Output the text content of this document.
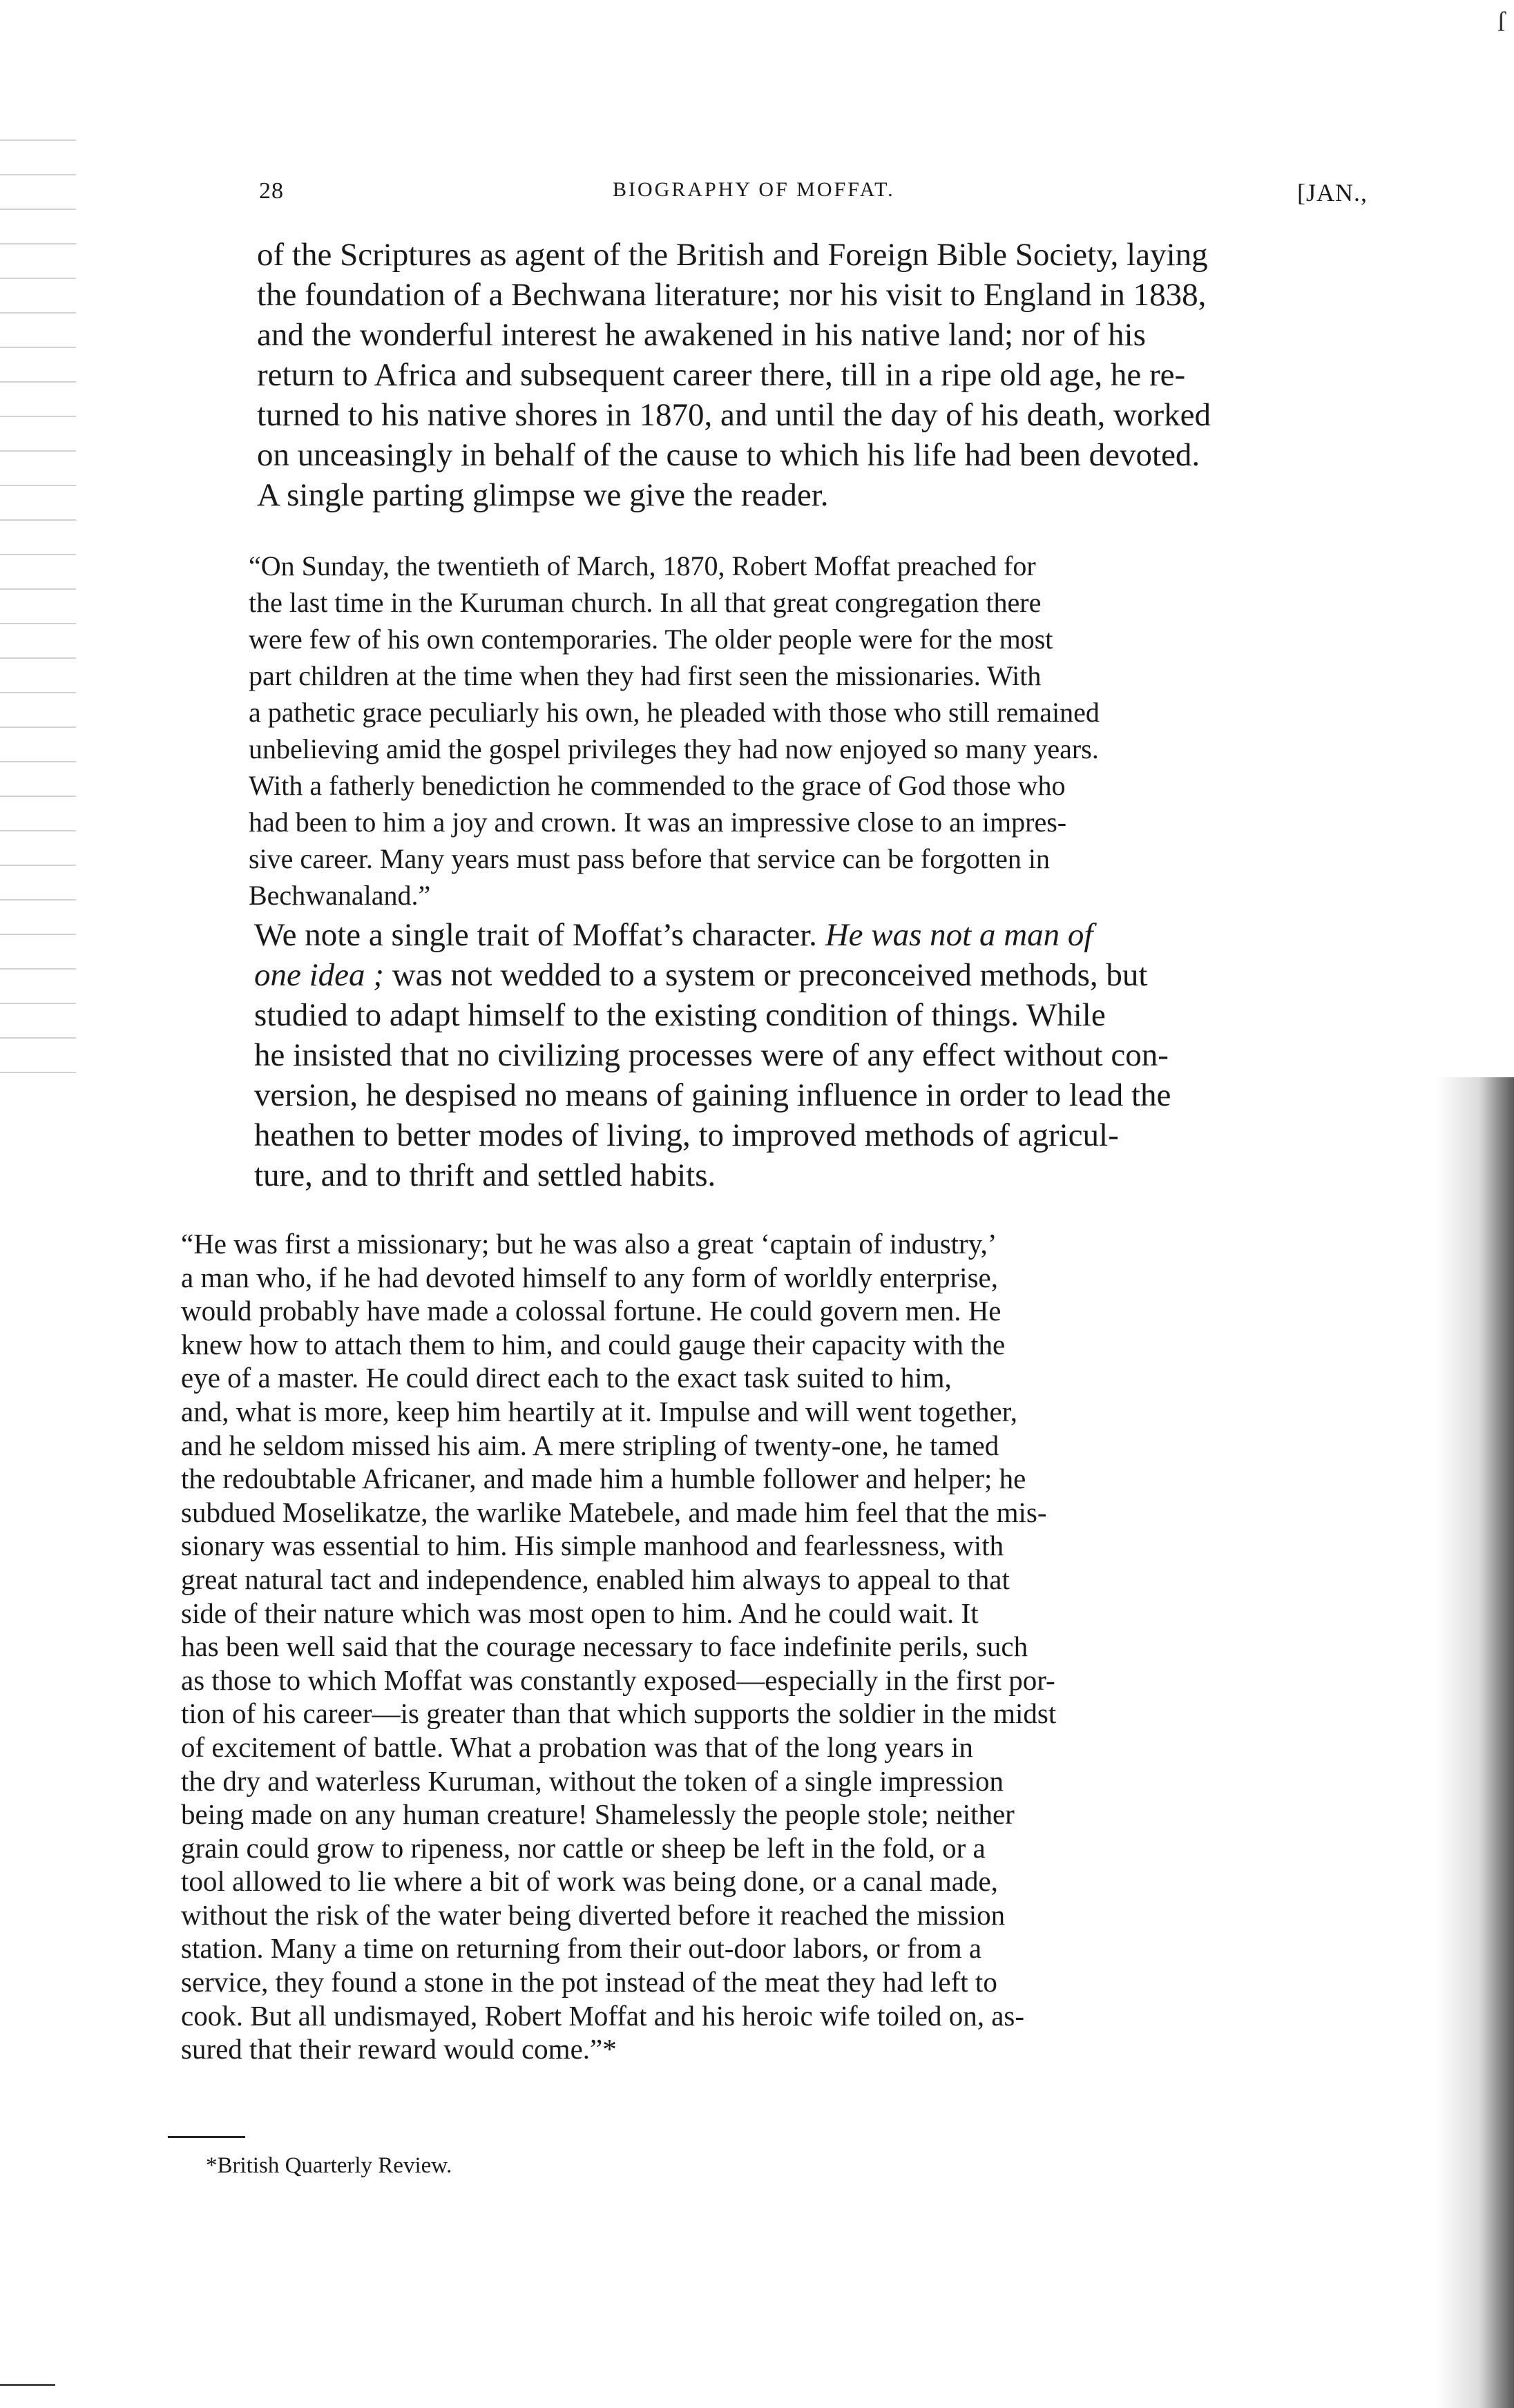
ſ
28	BIOGRAPHY OF MOFFAT.	[JAN.,
of the Scriptures as agent of the British and Foreign Bible Society, laying
the foundation of a Bechwana literature; nor his visit to England in 1838,
and the wonderful interest he awakened in his native land; nor of his
return to Africa and subsequent career there, till in a ripe old age, he re-
turned to his native shores in 1870, and until the day of his death, worked
on unceasingly in behalf of the cause to which his life had been devoted.
A single parting glimpse we give the reader.
“On Sunday, the twentieth of March, 1870, Robert Moffat preached for
the last time in the Kuruman church. In all that great congregation there
were few of his own contemporaries. The older people were for the most
part children at the time when they had first seen the missionaries. With
a pathetic grace peculiarly his own, he pleaded with those who still remained
unbelieving amid the gospel privileges they had now enjoyed so many years.
With a fatherly benediction he commended to the grace of God those who
had been to him a joy and crown. It was an impressive close to an impres-
sive career. Many years must pass before that service can be forgotten in
Bechwanaland.”
We note a single trait of Moffat’s character. He was not a man of
one idea ; was not wedded to a system or preconceived methods, but
studied to adapt himself to the existing condition of things. While
he insisted that no civilizing processes were of any effect without con-
version, he despised no means of gaining influence in order to lead the
heathen to better modes of living, to improved methods of agricul-
ture, and to thrift and settled habits.
“He was first a missionary; but he was also a great ‘captain of industry,’
a man who, if he had devoted himself to any form of worldly enterprise,
would probably have made a colossal fortune. He could govern men. He
knew how to attach them to him, and could gauge their capacity with the
eye of a master. He could direct each to the exact task suited to him,
and, what is more, keep him heartily at it. Impulse and will went together,
and he seldom missed his aim. A mere stripling of twenty-one, he tamed
the redoubtable Africaner, and made him a humble follower and helper; he
subdued Moselikatze, the warlike Matebele, and made him feel that the mis-
sionary was essential to him. His simple manhood and fearlessness, with
great natural tact and independence, enabled him always to appeal to that
side of their nature which was most open to him. And he could wait. It
has been well said that the courage necessary to face indefinite perils, such
as those to which Moffat was constantly exposed—especially in the first por-
tion of his career—is greater than that which supports the soldier in the midst
of excitement of battle. What a probation was that of the long years in
the dry and waterless Kuruman, without the token of a single impression
being made on any human creature! Shamelessly the people stole; neither
grain could grow to ripeness, nor cattle or sheep be left in the fold, or a
tool allowed to lie where a bit of work was being done, or a canal made,
without the risk of the water being diverted before it reached the mission
station. Many a time on returning from their out-door labors, or from a
service, they found a stone in the pot instead of the meat they had left to
cook. But all undismayed, Robert Moffat and his heroic wife toiled on, as-
sured that their reward would come.”*
*British Quarterly Review.
